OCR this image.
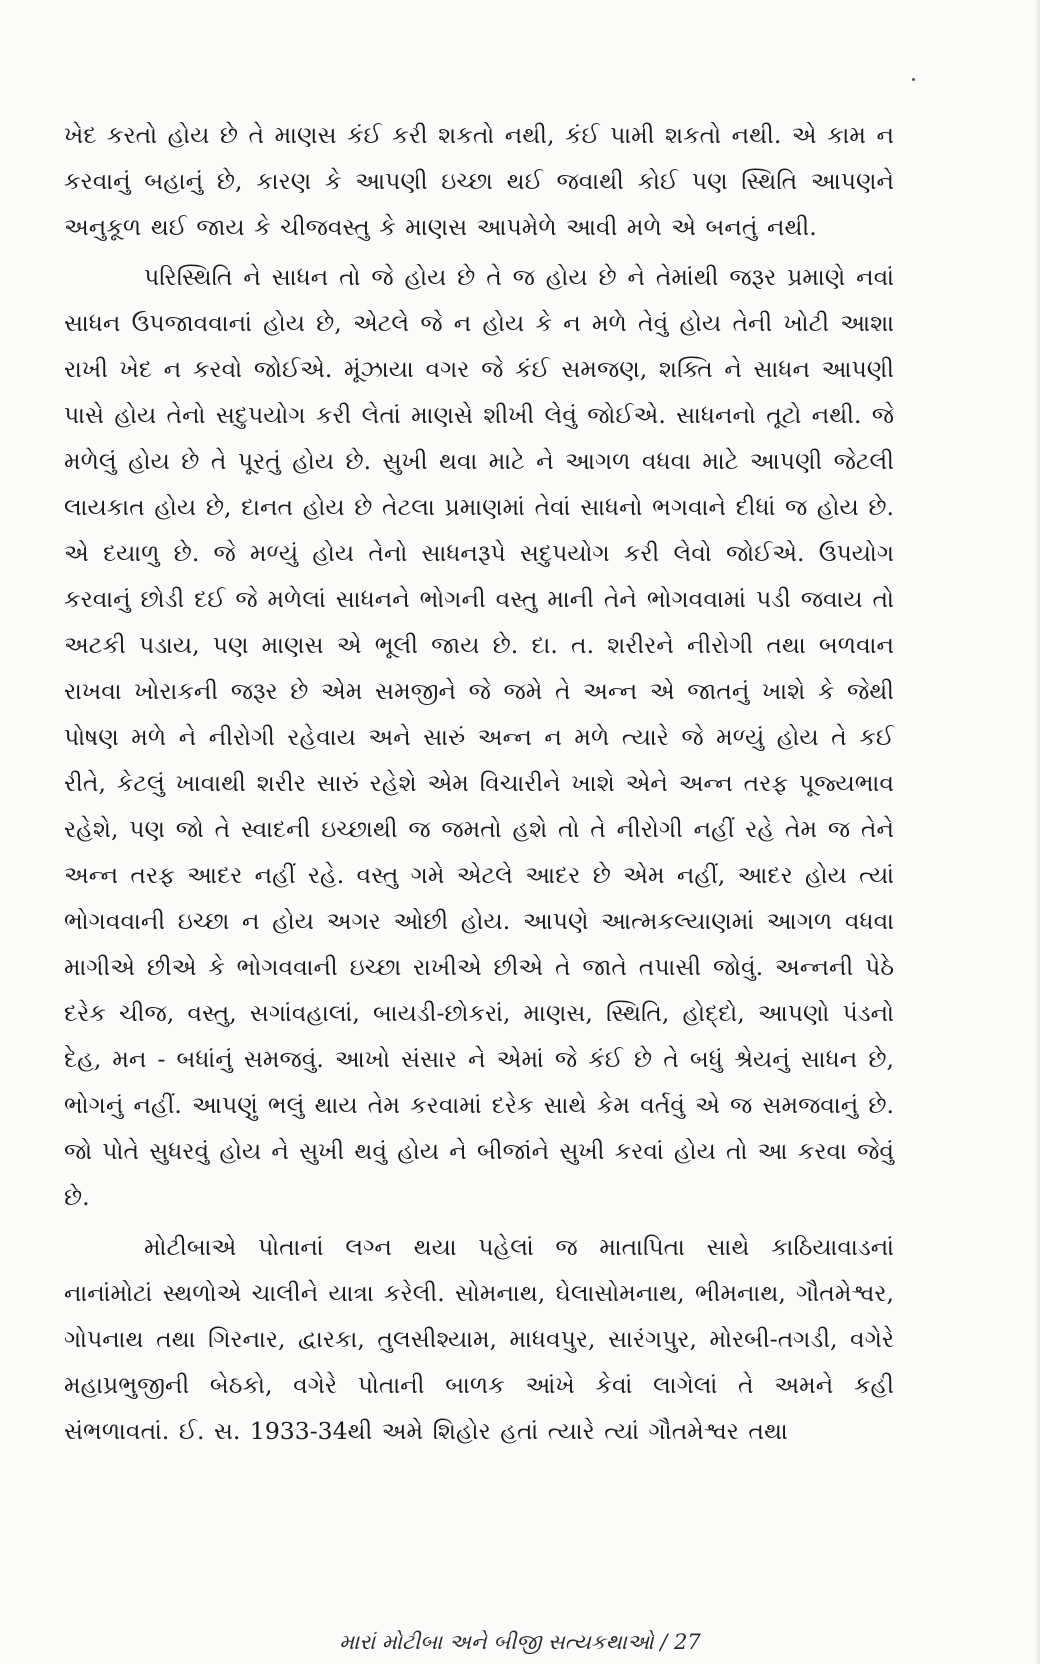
ખેદ કરતો હોય છે તે માણસ કંઈ કરી શકતો નથી, કંઈ પામી શકતો નથી. એ કામ ન કરવાનું બહાનું છે, કારણ કે આપણી ઇચ્છા થઈ જવાથી કોઈ પણ સ્થિતિ આપણને અનુકૂળ થઈ જાય કે ચીજવસ્તુ કે માણસ આપમેળે આવી મળે એ બનતું નથી.

પરિસ્થિતિ ને સાધન તો જે હોય છે તે જ હોય છે ને તેમાંથી જરૂર પ્રમાણે નવાં સાધન ઉપજાવવાનાં હોય છે, એટલે જે ન હોય કે ન મળે તેવું હોય તેની ખોટી આશા રાખી ખેદ ન કરવો જોઈએ. મૂંઝાયા વગર જે કંઈ સમજણ, શક્તિ ને સાધન આપણી પાસે હોય તેનો સદુપયોગ કરી લેતાં માણસે શીખી લેવું જોઈએ. સાધનનો તૂટો નથી. જે મળેલું હોય છે તે પૂરતું હોય છે. સુખી થવા માટે ને આગળ વધવા માટે આપણી જેટલી લાયકાત હોય છે, દાનત હોય છે તેટલા પ્રમાણમાં તેવાં સાધનો ભગવાને દીધાં જ હોય છે. એ દયાળુ છે. જે મળ્યું હોય તેનો સાધનરૂપે સદુપયોગ કરી લેવો જોઈએ. ઉપયોગ કરવાનું છોડી દઈ જે મળેલાં સાધનને ભોગની વસ્તુ માની તેને ભોગવવામાં પડી જવાય તો અટકી પડાય, પણ માણસ એ ભૂલી જાય છે. દા. ત. શરીરને નીરોગી તથા બળવાન રાખવા ખોરાકની જરૂર છે એમ સમજીને જે જમે તે અન્ન એ જાતનું ખાશે કે જેથી પોષણ મળે ને નીરોગી રહેવાય અને સારું અન્ન ન મળે ત્યારે જે મળ્યું હોય તે કઈ રીતે, કેટલું ખાવાથી શરીર સારું રહેશે એમ વિચારીને ખાશે એને અન્ન તરફ પૂજ્યભાવ રહેશે, પણ જો તે સ્વાદની ઇચ્છાથી જ જમતો હશે તો તે નીરોગી નહીં રહે તેમ જ તેને અન્ન તરફ આદર નહીં રહે. વસ્તુ ગમે એટલે આદર છે એમ નહીં, આદર હોય ત્યાં ભોગવવાની ઇચ્છા ન હોય અગર ઓછી હોય. આપણે આત્મકલ્યાણમાં આગળ વધવા માગીએ છીએ કે ભોગવવાની ઇચ્છા રાખીએ છીએ તે જાતે તપાસી જોવું. અન્નની પેઠે દરેક ચીજ, વસ્તુ, સગાંવહાલાં, બાયડી-છોકરાં, માણસ, સ્થિતિ, હોદ્દો, આપણો પંડનો દેહ, મન - બધાંનું સમજવું. આખો સંસાર ને એમાં જે કંઈ છે તે બધું શ્રેયનું સાધન છે, ભોગનું નહીં. આપણું ભલું થાય તેમ કરવામાં દરેક સાથે કેમ વર્તવું એ જ સમજવાનું છે. જો પોતે સુધરવું હોય ને સુખી થવું હોય ને બીજાંને સુખી કરવાં હોય તો આ કરવા જેવું છે.

મોટીબાએ પોતાનાં લગ્ન થયા પહેલાં જ માતાપિતા સાથે કાઠિયાવાડનાં નાનાંમોટાં સ્થળોએ ચાલીને યાત્રા કરેલી. સોમનાથ, ઘેલાસોમનાથ, ભીમનાથ, ગૌતમેશ્વર, ગોપનાથ તથા ગિરનાર, દ્વારકા, તુલસીશ્યામ, માધવપુર, સારંગપુર, મોરબી-તગડી, વગેરે મહાપ્રભુજીની બેઠકો, વગેરે પોતાની બાળક આંખે કેવાં લાગેલાં તે અમને કહી સંભળાવતાં. ઈ. સ. 1933-34થી અમે શિહોર હતાં ત્યારે ત્યાં ગૌતમેશ્વર તથા

મારાં મોટીબા અને બીજી સત્યકથાઓ / 27
